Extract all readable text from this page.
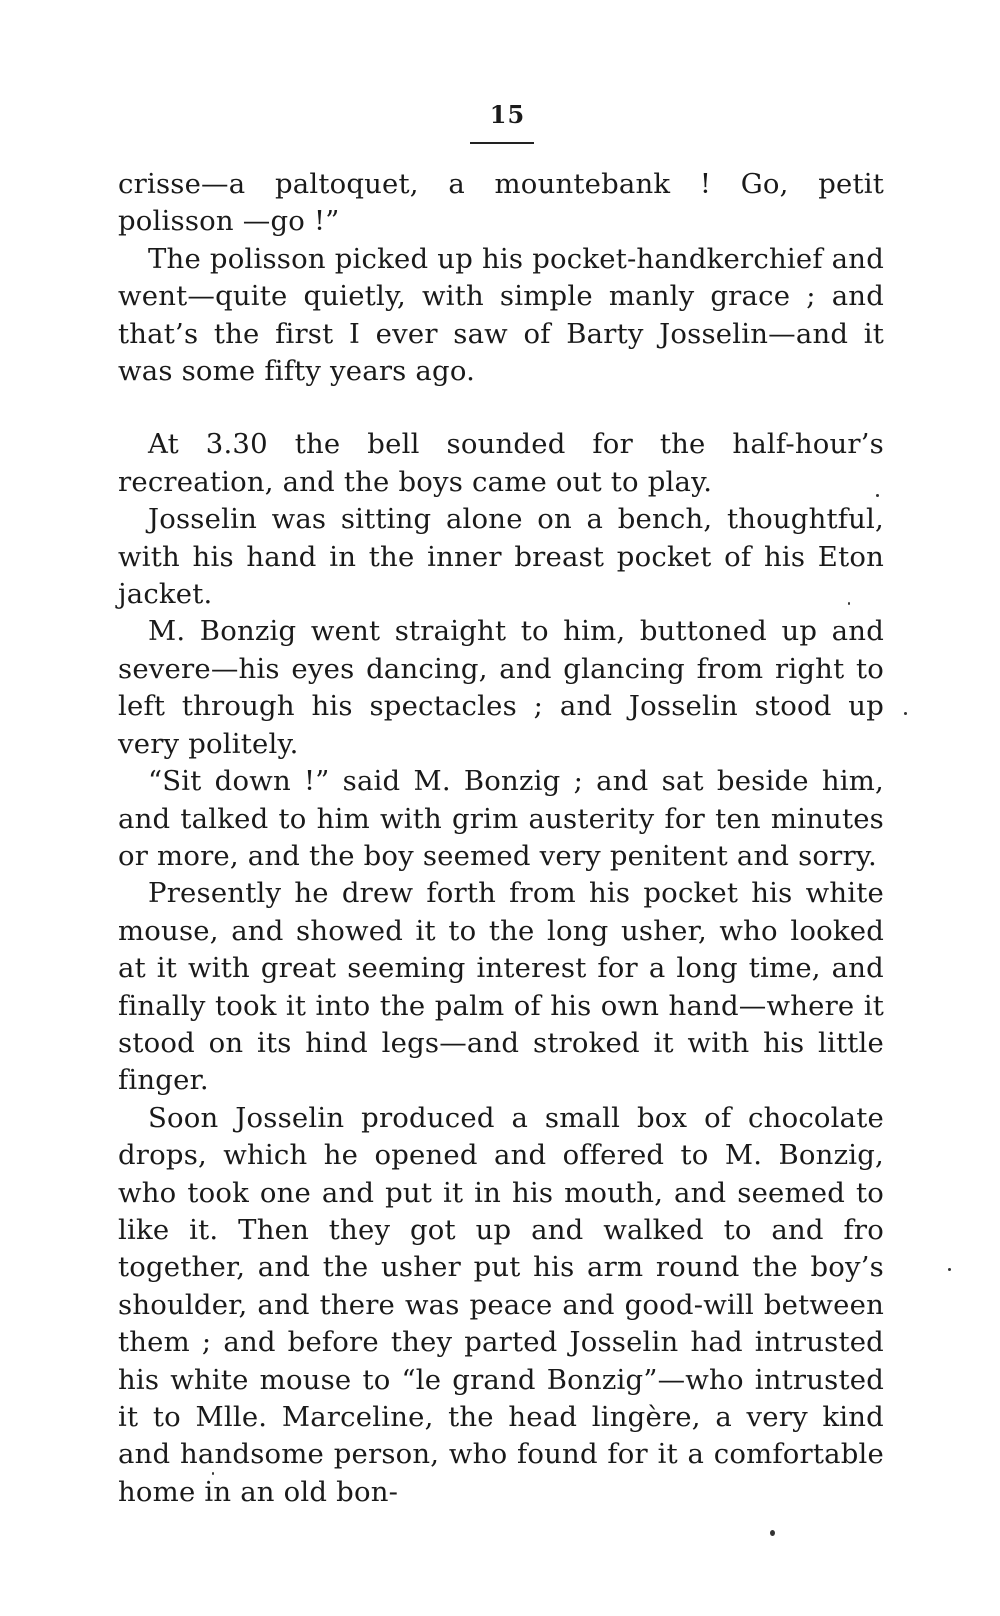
15

crisse—a paltoquet, a mountebank ! Go, petit polisson —go !”

The polisson picked up his pocket-handkerchief and went—quite quietly, with simple manly grace ; and that’s the first I ever saw of Barty Josselin—and it was some fifty years ago.

At 3.30 the bell sounded for the half-hour’s recreation, and the boys came out to play.

Josselin was sitting alone on a bench, thoughtful, with his hand in the inner breast pocket of his Eton jacket.

M. Bonzig went straight to him, buttoned up and severe—his eyes dancing, and glancing from right to left through his spectacles ; and Josselin stood up very politely.

“Sit down !” said M. Bonzig ; and sat beside him, and talked to him with grim austerity for ten minutes or more, and the boy seemed very penitent and sorry.

Presently he drew forth from his pocket his white mouse, and showed it to the long usher, who looked at it with great seeming interest for a long time, and finally took it into the palm of his own hand—where it stood on its hind legs—and stroked it with his little finger.

Soon Josselin produced a small box of chocolate drops, which he opened and offered to M. Bonzig, who took one and put it in his mouth, and seemed to like it. Then they got up and walked to and fro together, and the usher put his arm round the boy’s shoulder, and there was peace and good-will between them ; and before they parted Josselin had intrusted his white mouse to “le grand Bonzig”—who intrusted it to Mlle. Marceline, the head lingère, a very kind and handsome person, who found for it a comfortable home in an old bon-
